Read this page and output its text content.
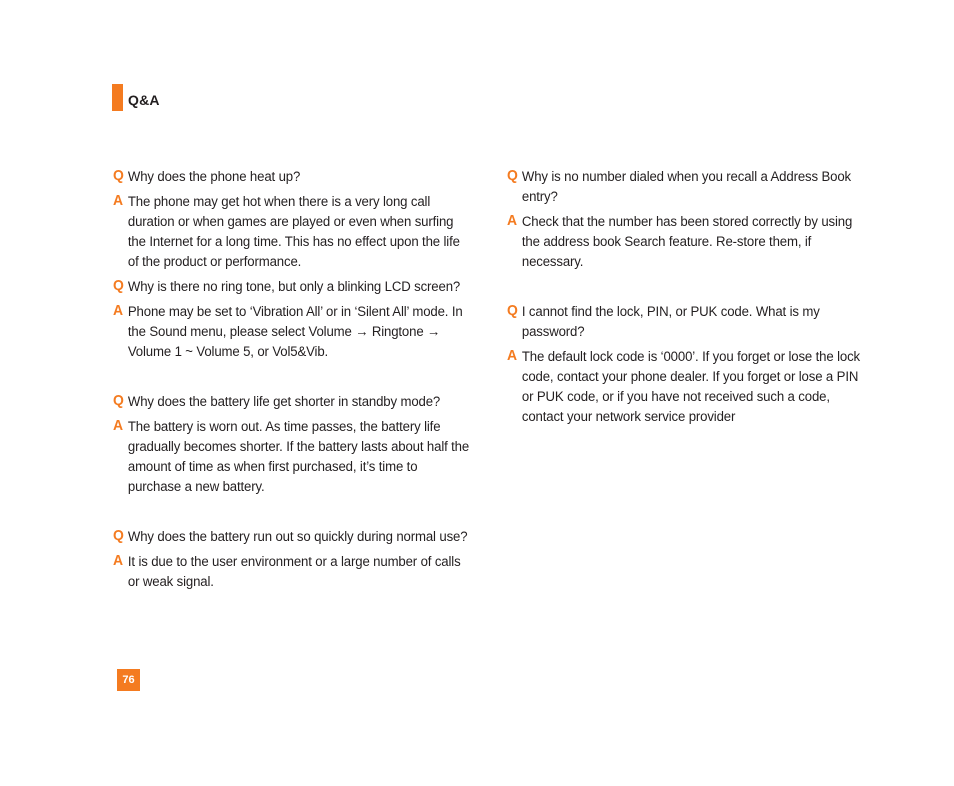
Q&A
Q Why does the phone heat up?
A The phone may get hot when there is a very long call duration or when games are played or even when surfing the Internet for a long time. This has no effect upon the life of the product or performance.
Q Why is there no ring tone, but only a blinking LCD screen?
A Phone may be set to ‘Vibration All’ or in ‘Silent All’ mode. In the Sound menu, please select Volume → Ringtone → Volume 1 ~ Volume 5, or Vol5&Vib.
Q Why does the battery life get shorter in standby mode?
A The battery is worn out. As time passes, the battery life gradually becomes shorter. If the battery lasts about half the amount of time as when first purchased, it’s time to purchase a new battery.
Q Why does the battery run out so quickly during normal use?
A It is due to the user environment or a large number of calls or weak signal.
Q Why is no number dialed when you recall a Address Book entry?
A Check that the number has been stored correctly by using the address book Search feature. Re-store them, if necessary.
Q I cannot find the lock, PIN, or PUK code. What is my password?
A The default lock code is ‘0000’. If you forget or lose the lock code, contact your phone dealer. If you forget or lose a PIN or PUK code, or if you have not received such a code, contact your network service provider
76
